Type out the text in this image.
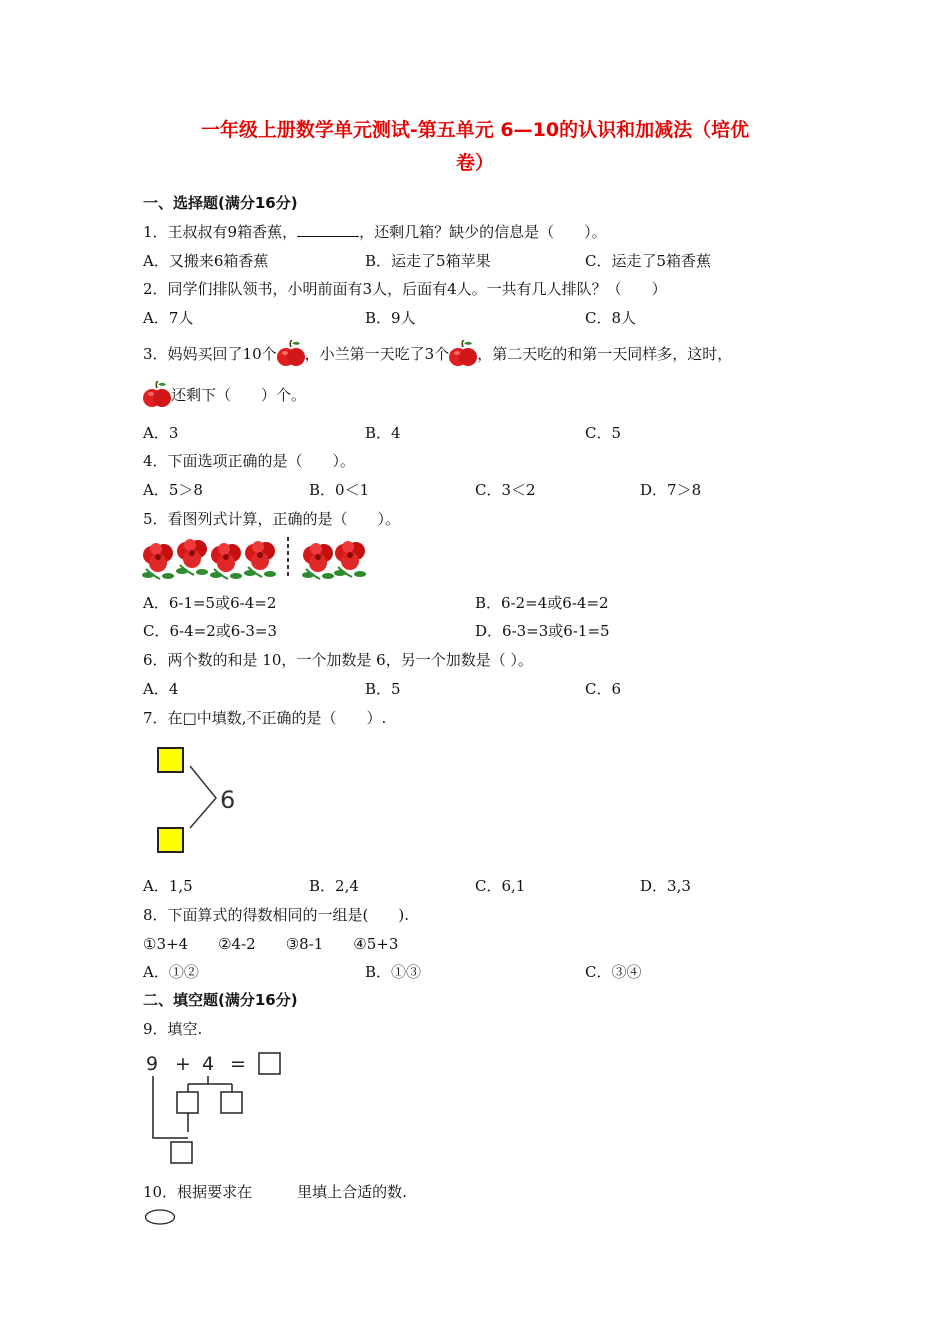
一年级上册数学单元测试-第五单元 6—10的认识和加减法（培优
卷）
一、选择题(满分16分)
1．王叔叔有9箱香蕉，	，还剩几箱？缺少的信息是（　　）。
A．又搬来6箱香蕉	B．运走了5箱苹果	C．运走了5箱香蕉
2．同学们排队领书，小明前面有3人，后面有4人。一共有几人排队？（　　）
A．7人	B．9人	C．8人
3．妈妈买回了10个 ，小兰第一天吃了3个 ，第二天吃的和第一天同样多，这时，
还剩下（　　）个。
A．3	B．4	C．5
4．下面选项正确的是（　　）。
A．5＞8	B．0＜1	C．3＜2	D．7＞8
5．看图列式计算，正确的是（　　）。
A．6-1=5或6-4=2	B．6-2=4或6-4=2
C．6-4=2或6-3=3	D．6-3=3或6-1=5
6．两个数的和是 10，一个加数是 6，另一个加数是（ ）。
A．4	B．5	C．6
7．在□中填数,不正确的是（　　）.
6
A．1,5	B．2,4	C．6,1	D．3,3
8．下面算式的得数相同的一组是(　　).
①3+4　　②4-2　　③8-1　　④5+3
A．①②	B．①③	C．③④
二、填空题(满分16分)
9．填空.
9 + 4 =
10．根据要求在　　　里填上合适的数.
